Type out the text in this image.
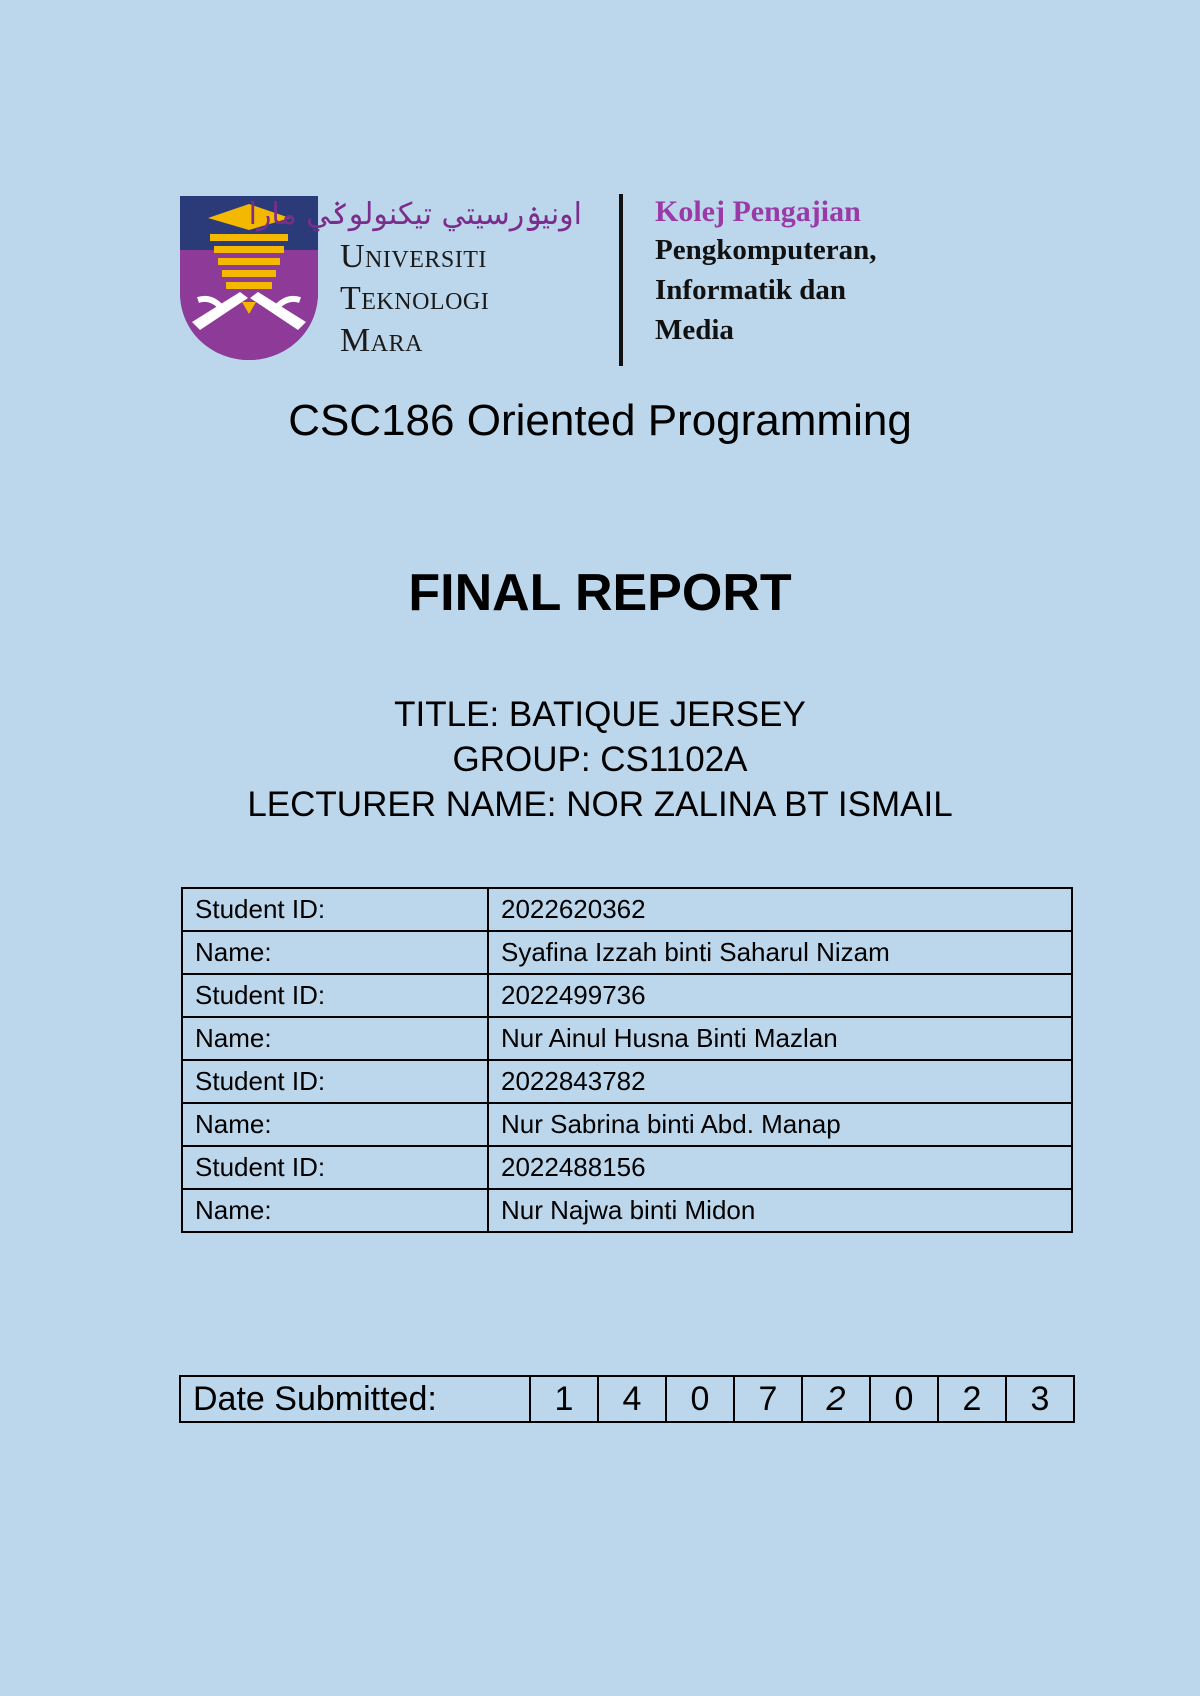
اونيۏرسيتي تيكنولوݢي مارا
Universiti
Teknologi
Mara
Kolej Pengajian
Pengkomputeran,
Informatik dan
Media
CSC186 Oriented Programming
FINAL REPORT
TITLE: BATIQUE JERSEY
GROUP: CS1102A
LECTURER NAME: NOR ZALINA BT ISMAIL
Student ID:	2022620362
Name:	Syafina Izzah binti Saharul Nizam
Student ID:	2022499736
Name:	Nur Ainul Husna Binti Mazlan
Student ID:	2022843782
Name:	Nur Sabrina binti Abd. Manap
Student ID:	2022488156
Name:	Nur Najwa binti Midon
Date Submitted:	1	4	0	7	2	0	2	3
